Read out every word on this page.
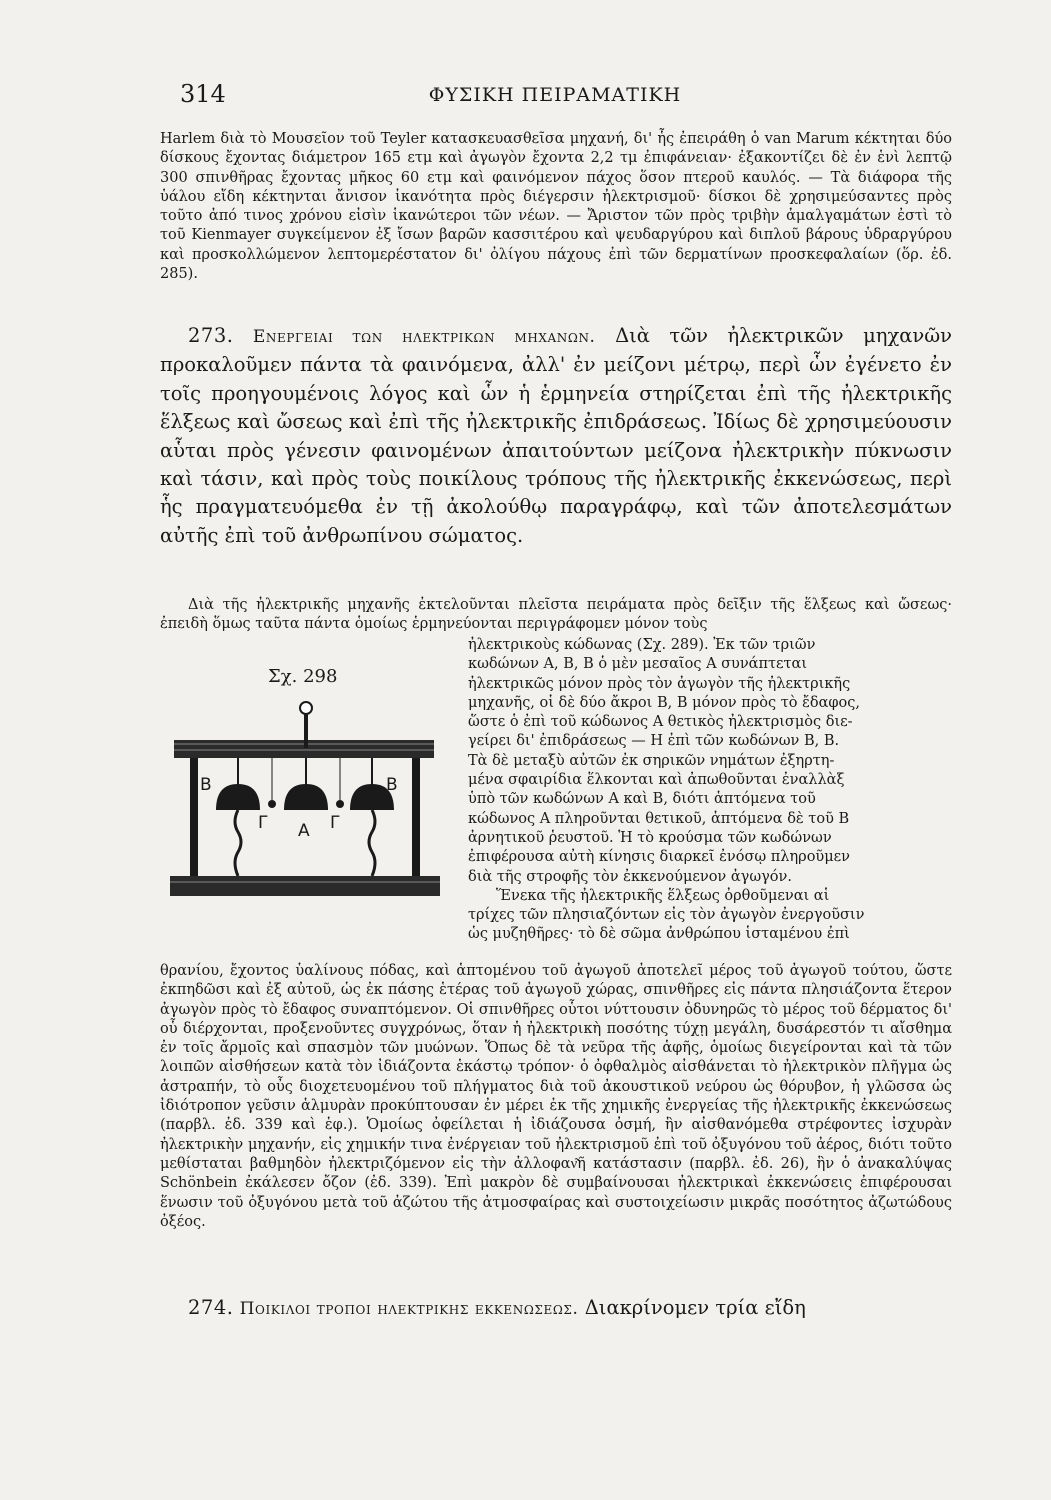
314	ΦΥΣΙΚΗ ΠΕΙΡΑΜΑΤΙΚΗ

Harlem διὰ τὸ Μουσεῖον τοῦ Teyler κατασκευασθεῖσα μηχανή, δι' ἧς ἐπειράθη ὁ van Marum κέκτηται δύο δίσκους ἔχοντας διάμετρον 165 ετμ καὶ ἀγωγὸν ἔχοντα 2,2 τμ ἐπιφάνειαν· ἐξακοντίζει δὲ ἐν ἑνὶ λεπτῷ 300 σπινθῆρας ἔχοντας μῆκος 60 ετμ καὶ φαινόμενον πάχος ὅσον πτεροῦ καυλός. — Τὰ διάφορα τῆς ὑάλου εἴδη κέκτηνται ἄνισον ἱκανότητα πρὸς διέγερσιν ἠλεκτρισμοῦ· δίσκοι δὲ χρησιμεύσαντες πρὸς τοῦτο ἀπό τινος χρόνου εἰσὶν ἱκανώτεροι τῶν νέων. — Ἄριστον τῶν πρὸς τριβὴν ἀμαλγαμάτων ἐστὶ τὸ τοῦ Kienmayer συγκείμενον ἐξ ἴσων βαρῶν κασσιτέρου καὶ ψευδαργύρου καὶ διπλοῦ βάρους ὑδραργύρου καὶ προσκολλώμενον λεπτομερέστατον δι' ὀλίγου πάχους ἐπὶ τῶν δερματίνων προσκεφαλαίων (ὅρ. ἐδ. 285).

273. Ενεργειαι των ηλεκτρικων μηχανων. Διὰ τῶν ἠλεκτρικῶν μηχανῶν προκαλοῦμεν πάντα τὰ φαινόμενα, ἀλλ' ἐν μείζονι μέτρῳ, περὶ ὧν ἐγένετο ἐν τοῖς προηγουμένοις λόγος καὶ ὧν ἡ ἑρμηνεία στηρίζεται ἐπὶ τῆς ἠλεκτρικῆς ἕλξεως καὶ ὤσεως καὶ ἐπὶ τῆς ἠλεκτρικῆς ἐπιδράσεως. Ἰδίως δὲ χρησιμεύουσιν αὗται πρὸς γένεσιν φαινομένων ἀπαιτούντων μείζονα ἠλεκτρικὴν πύκνωσιν καὶ τάσιν, καὶ πρὸς τοὺς ποικίλους τρόπους τῆς ἠλεκτρικῆς ἐκκενώσεως, περὶ ἧς πραγματευόμεθα ἐν τῇ ἀκολούθῳ παραγράφῳ, καὶ τῶν ἀποτελεσμάτων αὐτῆς ἐπὶ τοῦ ἀνθρωπίνου σώματος.

Διὰ τῆς ἠλεκτρικῆς μηχανῆς ἐκτελοῦνται πλεῖστα πειράματα πρὸς δεῖξιν τῆς ἕλξεως καὶ ὤσεως· ἐπειδὴ ὅμως ταῦτα πάντα ὁμοίως ἑρμηνεύονται περιγράφομεν μόνον τοὺς

Σχ. 298
Β	Β
Γ Α Γ

ἠλεκτρικοὺς κώδωνας (Σχ. 289). Ἐκ τῶν τριῶν

κωδώνων Α, Β, Β ὁ μὲν μεσαῖος Α συνάπτεται

ἠλεκτρικῶς μόνον πρὸς τὸν ἀγωγὸν τῆς ἠλεκτρικῆς

μηχανῆς, οἱ δὲ δύο ἄκροι Β, Β μόνον πρὸς τὸ ἔδαφος,

ὥστε ὁ ἐπὶ τοῦ κώδωνος Α θετικὸς ἠλεκτρισμὸς διε-

γείρει δι' ἐπιδράσεως — Η ἐπὶ τῶν κωδώνων Β, Β.

Τὰ δὲ μεταξὺ αὐτῶν ἐκ σηρικῶν νημάτων ἐξηρτη-

μένα σφαιρίδια ἕλκονται καὶ ἀπωθοῦνται ἐναλλὰξ

ὑπὸ τῶν κωδώνων Α καὶ Β, διότι ἁπτόμενα τοῦ

κώδωνος Α πληροῦνται θετικοῦ, ἁπτόμενα δὲ τοῦ Β

ἀρνητικοῦ ῥευστοῦ. Ἡ τὸ κρούσμα τῶν κωδώνων

ἐπιφέρουσα αὐτὴ κίνησις διαρκεῖ ἐνόσῳ πληροῦμεν

διὰ τῆς στροφῆς τὸν ἐκκενούμενον ἀγωγόν.

Ἕνεκα τῆς ἠλεκτρικῆς ἕλξεως ὀρθοῦμεναι αἱ

τρίχες τῶν πλησιαζόντων εἰς τὸν ἀγωγὸν ἐνεργοῦσιν

ὡς μυζηθῆρες· τὸ δὲ σῶμα ἀνθρώπου ἱσταμένου ἐπὶ

θρανίου, ἔχοντος ὑαλίνους πόδας, καὶ ἁπτομένου τοῦ ἀγωγοῦ ἀποτελεῖ μέρος τοῦ ἀγωγοῦ τούτου, ὥστε ἐκπηδῶσι καὶ ἐξ αὐτοῦ, ὡς ἐκ πάσης ἑτέρας τοῦ ἀγωγοῦ χώρας, σπινθῆρες εἰς πάντα πλησιάζοντα ἕτερον ἀγωγὸν πρὸς τὸ ἔδαφος συναπτόμενον. Οἱ σπινθῆρες οὗτοι νύττουσιν ὀδυνηρῶς τὸ μέρος τοῦ δέρματος δι' οὗ διέρχονται, προξενοῦντες συγχρόνως, ὅταν ἡ ἠλεκτρικὴ ποσότης τύχῃ μεγάλη, δυσάρεστόν τι αἴσθημα ἐν τοῖς ἄρμοῖς καὶ σπασμὸν τῶν μυώνων. Ὅπως δὲ τὰ νεῦρα τῆς ἁφῆς, ὁμοίως διεγείρονται καὶ τὰ τῶν λοιπῶν αἰσθήσεων κατὰ τὸν ἰδιάζοντα ἑκάστῳ τρόπον· ὁ ὀφθαλμὸς αἰσθάνεται τὸ ἠλεκτρικὸν πλῆγμα ὡς ἀστραπήν, τὸ οὖς διοχετευομένου τοῦ πλήγματος διὰ τοῦ ἀκουστικοῦ νεύρου ὡς θόρυβον, ἡ γλῶσσα ὡς ἰδιότροπον γεῦσιν ἁλμυρὰν προκύπτουσαν ἐν μέρει ἐκ τῆς χημικῆς ἐνεργείας τῆς ἠλεκτρικῆς ἐκκενώσεως (παρβλ. ἐδ. 339 καὶ ἑφ.). Ὁμοίως ὀφείλεται ἡ ἰδιάζουσα ὀσμή, ἣν αἰσθανόμεθα στρέφοντες ἰσχυρὰν ἠλεκτρικὴν μηχανήν, εἰς χημικήν τινα ἐνέργειαν τοῦ ἠλεκτρισμοῦ ἐπὶ τοῦ ὀξυγόνου τοῦ ἀέρος, διότι τοῦτο μεθίσταται βαθμηδὸν ἠλεκτριζόμενον εἰς τὴν ἀλλοφαν͂ῆ κατάστασιν (παρβλ. ἐδ. 26), ἣν ὁ ἀνακαλύψας Schönbein ἐκάλεσεν ὄζον (ἐδ. 339). Ἐπὶ μακρὸν δὲ συμβαίνουσαι ἠλεκτρικαὶ ἐκκενώσεις ἐπιφέρουσαι ἕνωσιν τοῦ ὀξυγόνου μετὰ τοῦ ἀζώτου τῆς ἀτμοσφαίρας καὶ συστοιχείωσιν μικρᾶς ποσότητος ἀζωτώδους ὀξέος.

274. Ποικιλοι τροποι ηλεκτρικης εκκενωσεως. Διακρίνομεν τρία εἴδη
